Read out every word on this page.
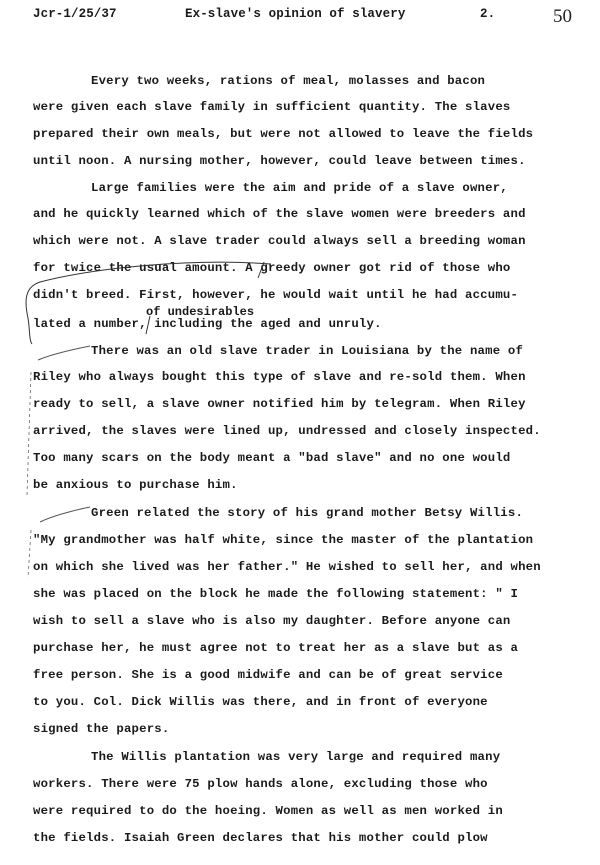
Jcr-1/25/37	Ex-slave's opinion of slavery	2.	50
Every two weeks, rations of meal, molasses and bacon
were given each slave family in sufficient quantity. The slaves
prepared their own meals, but were not allowed to leave the fields
until noon. A nursing mother, however, could leave between times.
Large families were the aim and pride of a slave owner,
and he quickly learned which of the slave women were breeders and
which were not. A slave trader could always sell a breeding woman
for twice the usual amount. A greedy owner got rid of those who
didn't breed. First, however, he would wait until he had accumu-
of undesirables
lated a number, including the aged and unruly.
There was an old slave trader in Louisiana by the name of
Riley who always bought this type of slave and re-sold them. When
ready to sell, a slave owner notified him by telegram. When Riley
arrived, the slaves were lined up, undressed and closely inspected.
Too many scars on the body meant a "bad slave" and no one would
be anxious to purchase him.
Green related the story of his grand mother Betsy Willis.
"My grandmother was half white, since the master of the plantation
on which she lived was her father." He wished to sell her, and when
she was placed on the block he made the following statement: " I
wish to sell a slave who is also my daughter. Before anyone can
purchase her, he must agree not to treat her as a slave but as a
free person. She is a good midwife and can be of great service
to you. Col. Dick Willis was there, and in front of everyone
signed the papers.
The Willis plantation was very large and required many
workers. There were 75 plow hands alone, excluding those who
were required to do the hoeing. Women as well as men worked in
the fields. Isaiah Green declares that his mother could plow
